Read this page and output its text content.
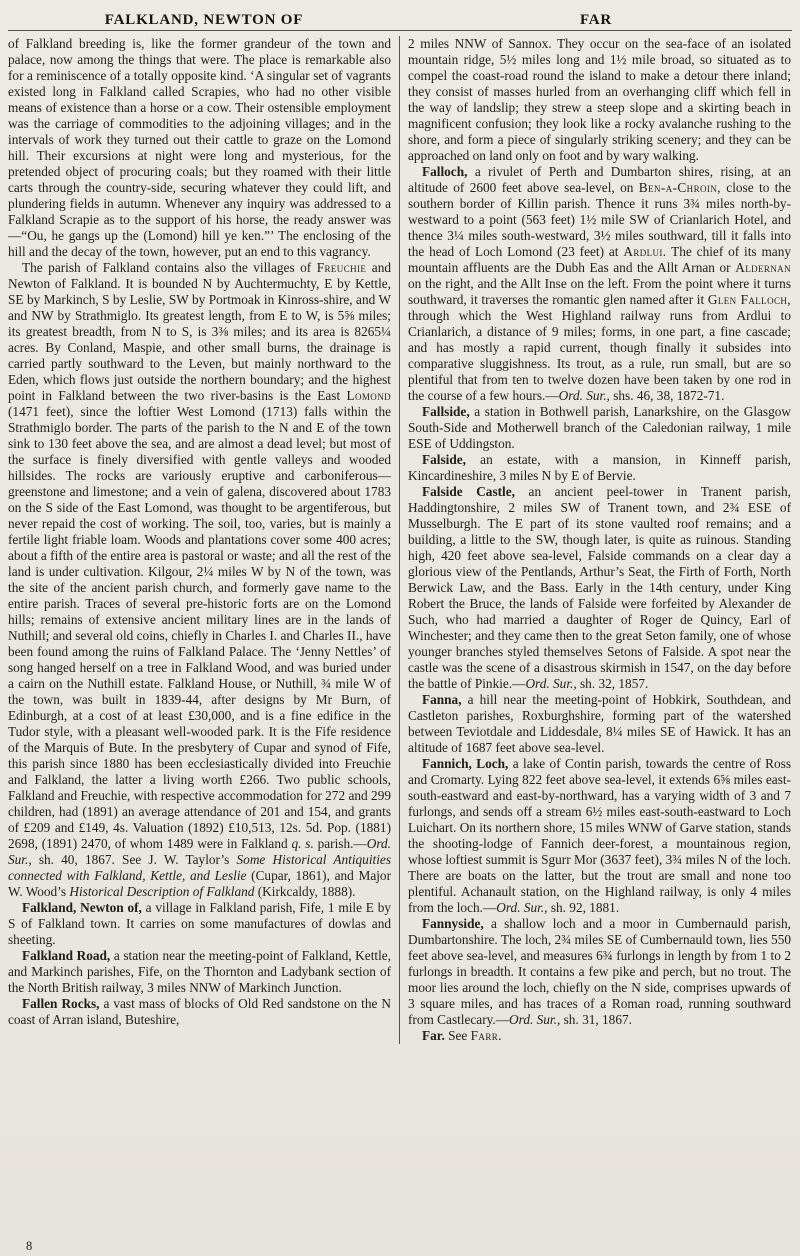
FALKLAND, NEWTON OF	FAR

of Falkland breeding is, like the former grandeur of the town and palace, now among the things that were. The place is remarkable also for a reminiscence of a totally opposite kind. ‘A singular set of vagrants existed long in Falkland called Scrapies, who had no other visible means of existence than a horse or a cow. Their ostensible employment was the carriage of commodities to the adjoining villages; and in the intervals of work they turned out their cattle to graze on the Lomond hill. Their excursions at night were long and mysterious, for the pretended object of procuring coals; but they roamed with their little carts through the country-side, securing whatever they could lift, and plundering fields in autumn. Whenever any inquiry was addressed to a Falkland Scrapie as to the support of his horse, the ready answer was—“Ou, he gangs up the (Lomond) hill ye ken.”’ The enclosing of the hill and the decay of the town, however, put an end to this vagrancy.

The parish of Falkland contains also the villages of Freuchie and Newton of Falkland. It is bounded N by Auchtermuchty, E by Kettle, SE by Markinch, S by Leslie, SW by Portmoak in Kinross-shire, and W and NW by Strathmiglo. Its greatest length, from E to W, is 5⅝ miles; its greatest breadth, from N to S, is 3⅜ miles; and its area is 8265¼ acres. By Conland, Maspie, and other small burns, the drainage is carried partly southward to the Leven, but mainly northward to the Eden, which flows just outside the northern boundary; and the highest point in Falkland between the two river-basins is the East Lomond (1471 feet), since the loftier West Lomond (1713) falls within the Strathmiglo border. The parts of the parish to the N and E of the town sink to 130 feet above the sea, and are almost a dead level; but most of the surface is finely diversified with gentle valleys and wooded hillsides. The rocks are variously eruptive and carboniferous—greenstone and limestone; and a vein of galena, discovered about 1783 on the S side of the East Lomond, was thought to be argentiferous, but never repaid the cost of working. The soil, too, varies, but is mainly a fertile light friable loam. Woods and plantations cover some 400 acres; about a fifth of the entire area is pastoral or waste; and all the rest of the land is under cultivation. Kilgour, 2¼ miles W by N of the town, was the site of the ancient parish church, and formerly gave name to the entire parish. Traces of several pre-historic forts are on the Lomond hills; remains of extensive ancient military lines are in the lands of Nuthill; and several old coins, chiefly in Charles I. and Charles II., have been found among the ruins of Falkland Palace. The ‘Jenny Nettles’ of song hanged herself on a tree in Falkland Wood, and was buried under a cairn on the Nuthill estate. Falkland House, or Nuthill, ¾ mile W of the town, was built in 1839-44, after designs by Mr Burn, of Edinburgh, at a cost of at least £30,000, and is a fine edifice in the Tudor style, with a pleasant well-wooded park. It is the Fife residence of the Marquis of Bute. In the presbytery of Cupar and synod of Fife, this parish since 1880 has been ecclesiastically divided into Freuchie and Falkland, the latter a living worth £266. Two public schools, Falkland and Freuchie, with respective accommodation for 272 and 299 children, had (1891) an average attendance of 201 and 154, and grants of £209 and £149, 4s. Valuation (1892) £10,513, 12s. 5d. Pop. (1881) 2698, (1891) 2470, of whom 1489 were in Falkland q. s. parish.—Ord. Sur., sh. 40, 1867. See J. W. Taylor’s Some Historical Antiquities connected with Falkland, Kettle, and Leslie (Cupar, 1861), and Major W. Wood’s Historical Description of Falkland (Kirkcaldy, 1888).

Falkland, Newton of, a village in Falkland parish, Fife, 1 mile E by S of Falkland town. It carries on some manufactures of dowlas and sheeting.

Falkland Road, a station near the meeting-point of Falkland, Kettle, and Markinch parishes, Fife, on the Thornton and Ladybank section of the North British railway, 3 miles NNW of Markinch Junction.

Fallen Rocks, a vast mass of blocks of Old Red sandstone on the N coast of Arran island, Buteshire,

2 miles NNW of Sannox. They occur on the sea-face of an isolated mountain ridge, 5½ miles long and 1½ mile broad, so situated as to compel the coast-road round the island to make a detour there inland; they consist of masses hurled from an overhanging cliff which fell in the way of landslip; they strew a steep slope and a skirting beach in magnificent confusion; they look like a rocky avalanche rushing to the shore, and form a piece of singularly striking scenery; and they can be approached on land only on foot and by wary walking.

Falloch, a rivulet of Perth and Dumbarton shires, rising, at an altitude of 2600 feet above sea-level, on Ben-a-Chroin, close to the southern border of Killin parish. Thence it runs 3¾ miles north-by-westward to a point (563 feet) 1½ mile SW of Crianlarich Hotel, and thence 3¼ miles south-westward, 3½ miles southward, till it falls into the head of Loch Lomond (23 feet) at Ardlui. The chief of its many mountain affluents are the Dubh Eas and the Allt Arnan or Aldernan on the right, and the Allt Inse on the left. From the point where it turns southward, it traverses the romantic glen named after it Glen Falloch, through which the West Highland railway runs from Ardlui to Crianlarich, a distance of 9 miles; forms, in one part, a fine cascade; and has mostly a rapid current, though finally it subsides into comparative sluggishness. Its trout, as a rule, run small, but are so plentiful that from ten to twelve dozen have been taken by one rod in the course of a few hours.—Ord. Sur., shs. 46, 38, 1872-71.

Fallside, a station in Bothwell parish, Lanarkshire, on the Glasgow South-Side and Motherwell branch of the Caledonian railway, 1 mile ESE of Uddingston.

Falside, an estate, with a mansion, in Kinneff parish, Kincardineshire, 3 miles N by E of Bervie.

Falside Castle, an ancient peel-tower in Tranent parish, Haddingtonshire, 2 miles SW of Tranent town, and 2¾ ESE of Musselburgh. The E part of its stone vaulted roof remains; and a building, a little to the SW, though later, is quite as ruinous. Standing high, 420 feet above sea-level, Falside commands on a clear day a glorious view of the Pentlands, Arthur’s Seat, the Firth of Forth, North Berwick Law, and the Bass. Early in the 14th century, under King Robert the Bruce, the lands of Falside were forfeited by Alexander de Such, who had married a daughter of Roger de Quincy, Earl of Winchester; and they came then to the great Seton family, one of whose younger branches styled themselves Setons of Falside. A spot near the castle was the scene of a disastrous skirmish in 1547, on the day before the battle of Pinkie.—Ord. Sur., sh. 32, 1857.

Fanna, a hill near the meeting-point of Hobkirk, Southdean, and Castleton parishes, Roxburghshire, forming part of the watershed between Teviotdale and Liddesdale, 8¼ miles SE of Hawick. It has an altitude of 1687 feet above sea-level.

Fannich, Loch, a lake of Contin parish, towards the centre of Ross and Cromarty. Lying 822 feet above sea-level, it extends 6⅝ miles east-south-eastward and east-by-northward, has a varying width of 3 and 7 furlongs, and sends off a stream 6½ miles east-south-eastward to Loch Luichart. On its northern shore, 15 miles WNW of Garve station, stands the shooting-lodge of Fannich deer-forest, a mountainous region, whose loftiest summit is Sgurr Mor (3637 feet), 3¾ miles N of the loch. There are boats on the latter, but the trout are small and none too plentiful. Achanault station, on the Highland railway, is only 4 miles from the loch.—Ord. Sur., sh. 92, 1881.

Fannyside, a shallow loch and a moor in Cumbernauld parish, Dumbartonshire. The loch, 2¾ miles SE of Cumbernauld town, lies 550 feet above sea-level, and measures 6¾ furlongs in length by from 1 to 2 furlongs in breadth. It contains a few pike and perch, but no trout. The moor lies around the loch, chiefly on the N side, comprises upwards of 3 square miles, and has traces of a Roman road, running southward from Castlecary.—Ord. Sur., sh. 31, 1867.

Far. See Farr.

8
